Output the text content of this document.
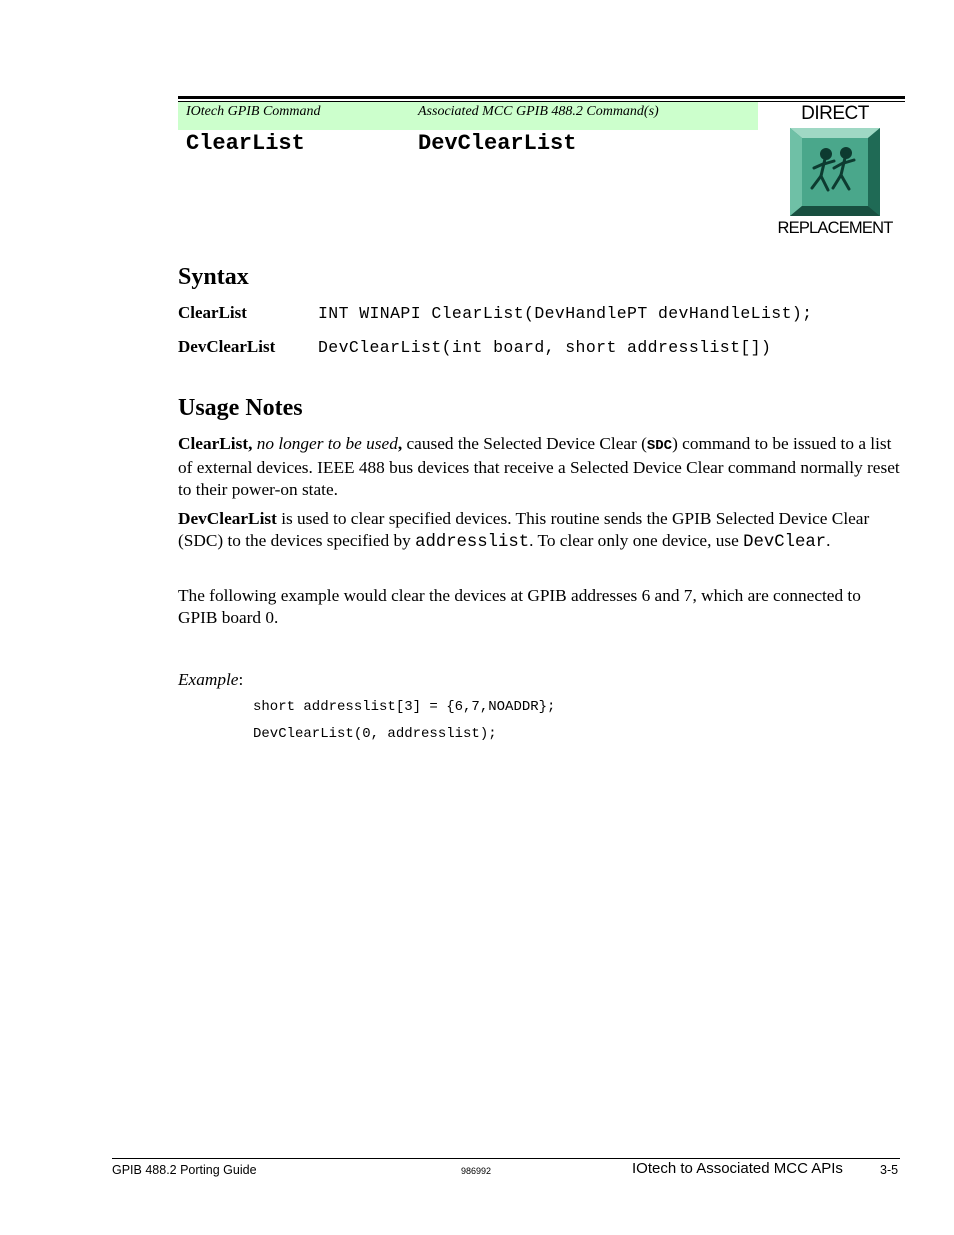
IOtech GPIB Command	Associated MCC GPIB 488.2 Command(s)
ClearList	DevClearList
DIRECT
REPLACEMENT
Syntax
ClearList	INT WINAPI ClearList(DevHandlePT devHandleList);
DevClearList	DevClearList(int board, short addresslist[])
Usage Notes
ClearList, no longer to be used, caused the Selected Device Clear (SDC) command to be issued to a list of external devices. IEEE 488 bus devices that receive a Selected Device Clear command normally reset to their power-on state.
DevClearList is used to clear specified devices. This routine sends the GPIB Selected Device Clear (SDC) to the devices specified by addresslist. To clear only one device, use DevClear.
The following example would clear the devices at GPIB addresses 6 and 7, which are connected to GPIB board 0.
Example:
short addresslist[3] = {6,7,NOADDR};
DevClearList(0, addresslist);
GPIB 488.2 Porting Guide	986992	IOtech to Associated MCC APIs	3-5
